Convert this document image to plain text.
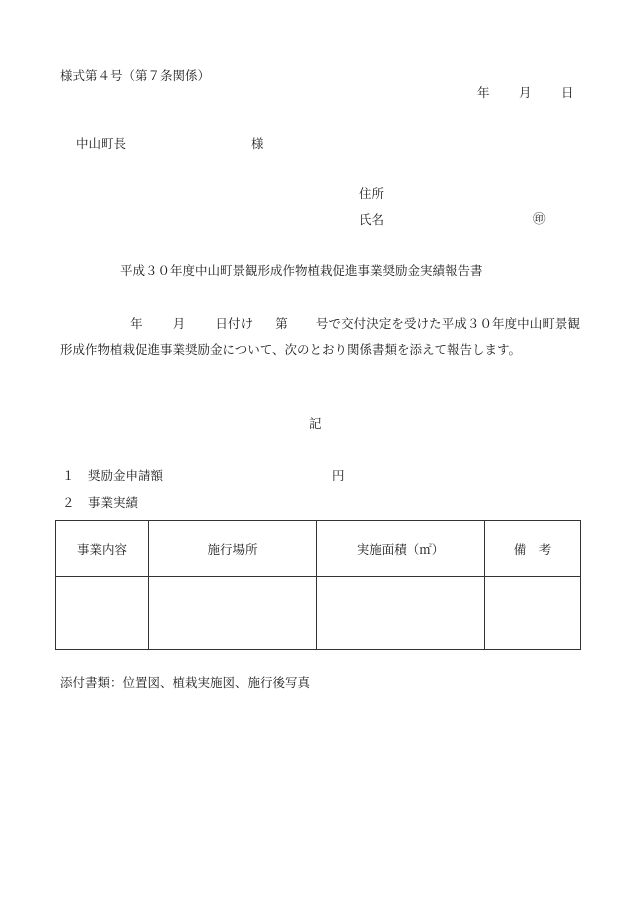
様式第４号（第７条関係）
年 月 日
中山町長	様
住所
氏名	㊞
平成３０年度中山町景観形成作物植栽促進事業奨励金実績報告書
年 月 日付け 第 号で交付決定を受けた平成３０年度中山町景観形成作物植栽促進事業奨励金について、次のとおり関係書類を添えて報告します。
記
１ 奨励金申請額	円
２ 事業実績
事業内容	施行場所	実施面積（㎡）	備　考

添付書類：位置図、植栽実施図、施行後写真
